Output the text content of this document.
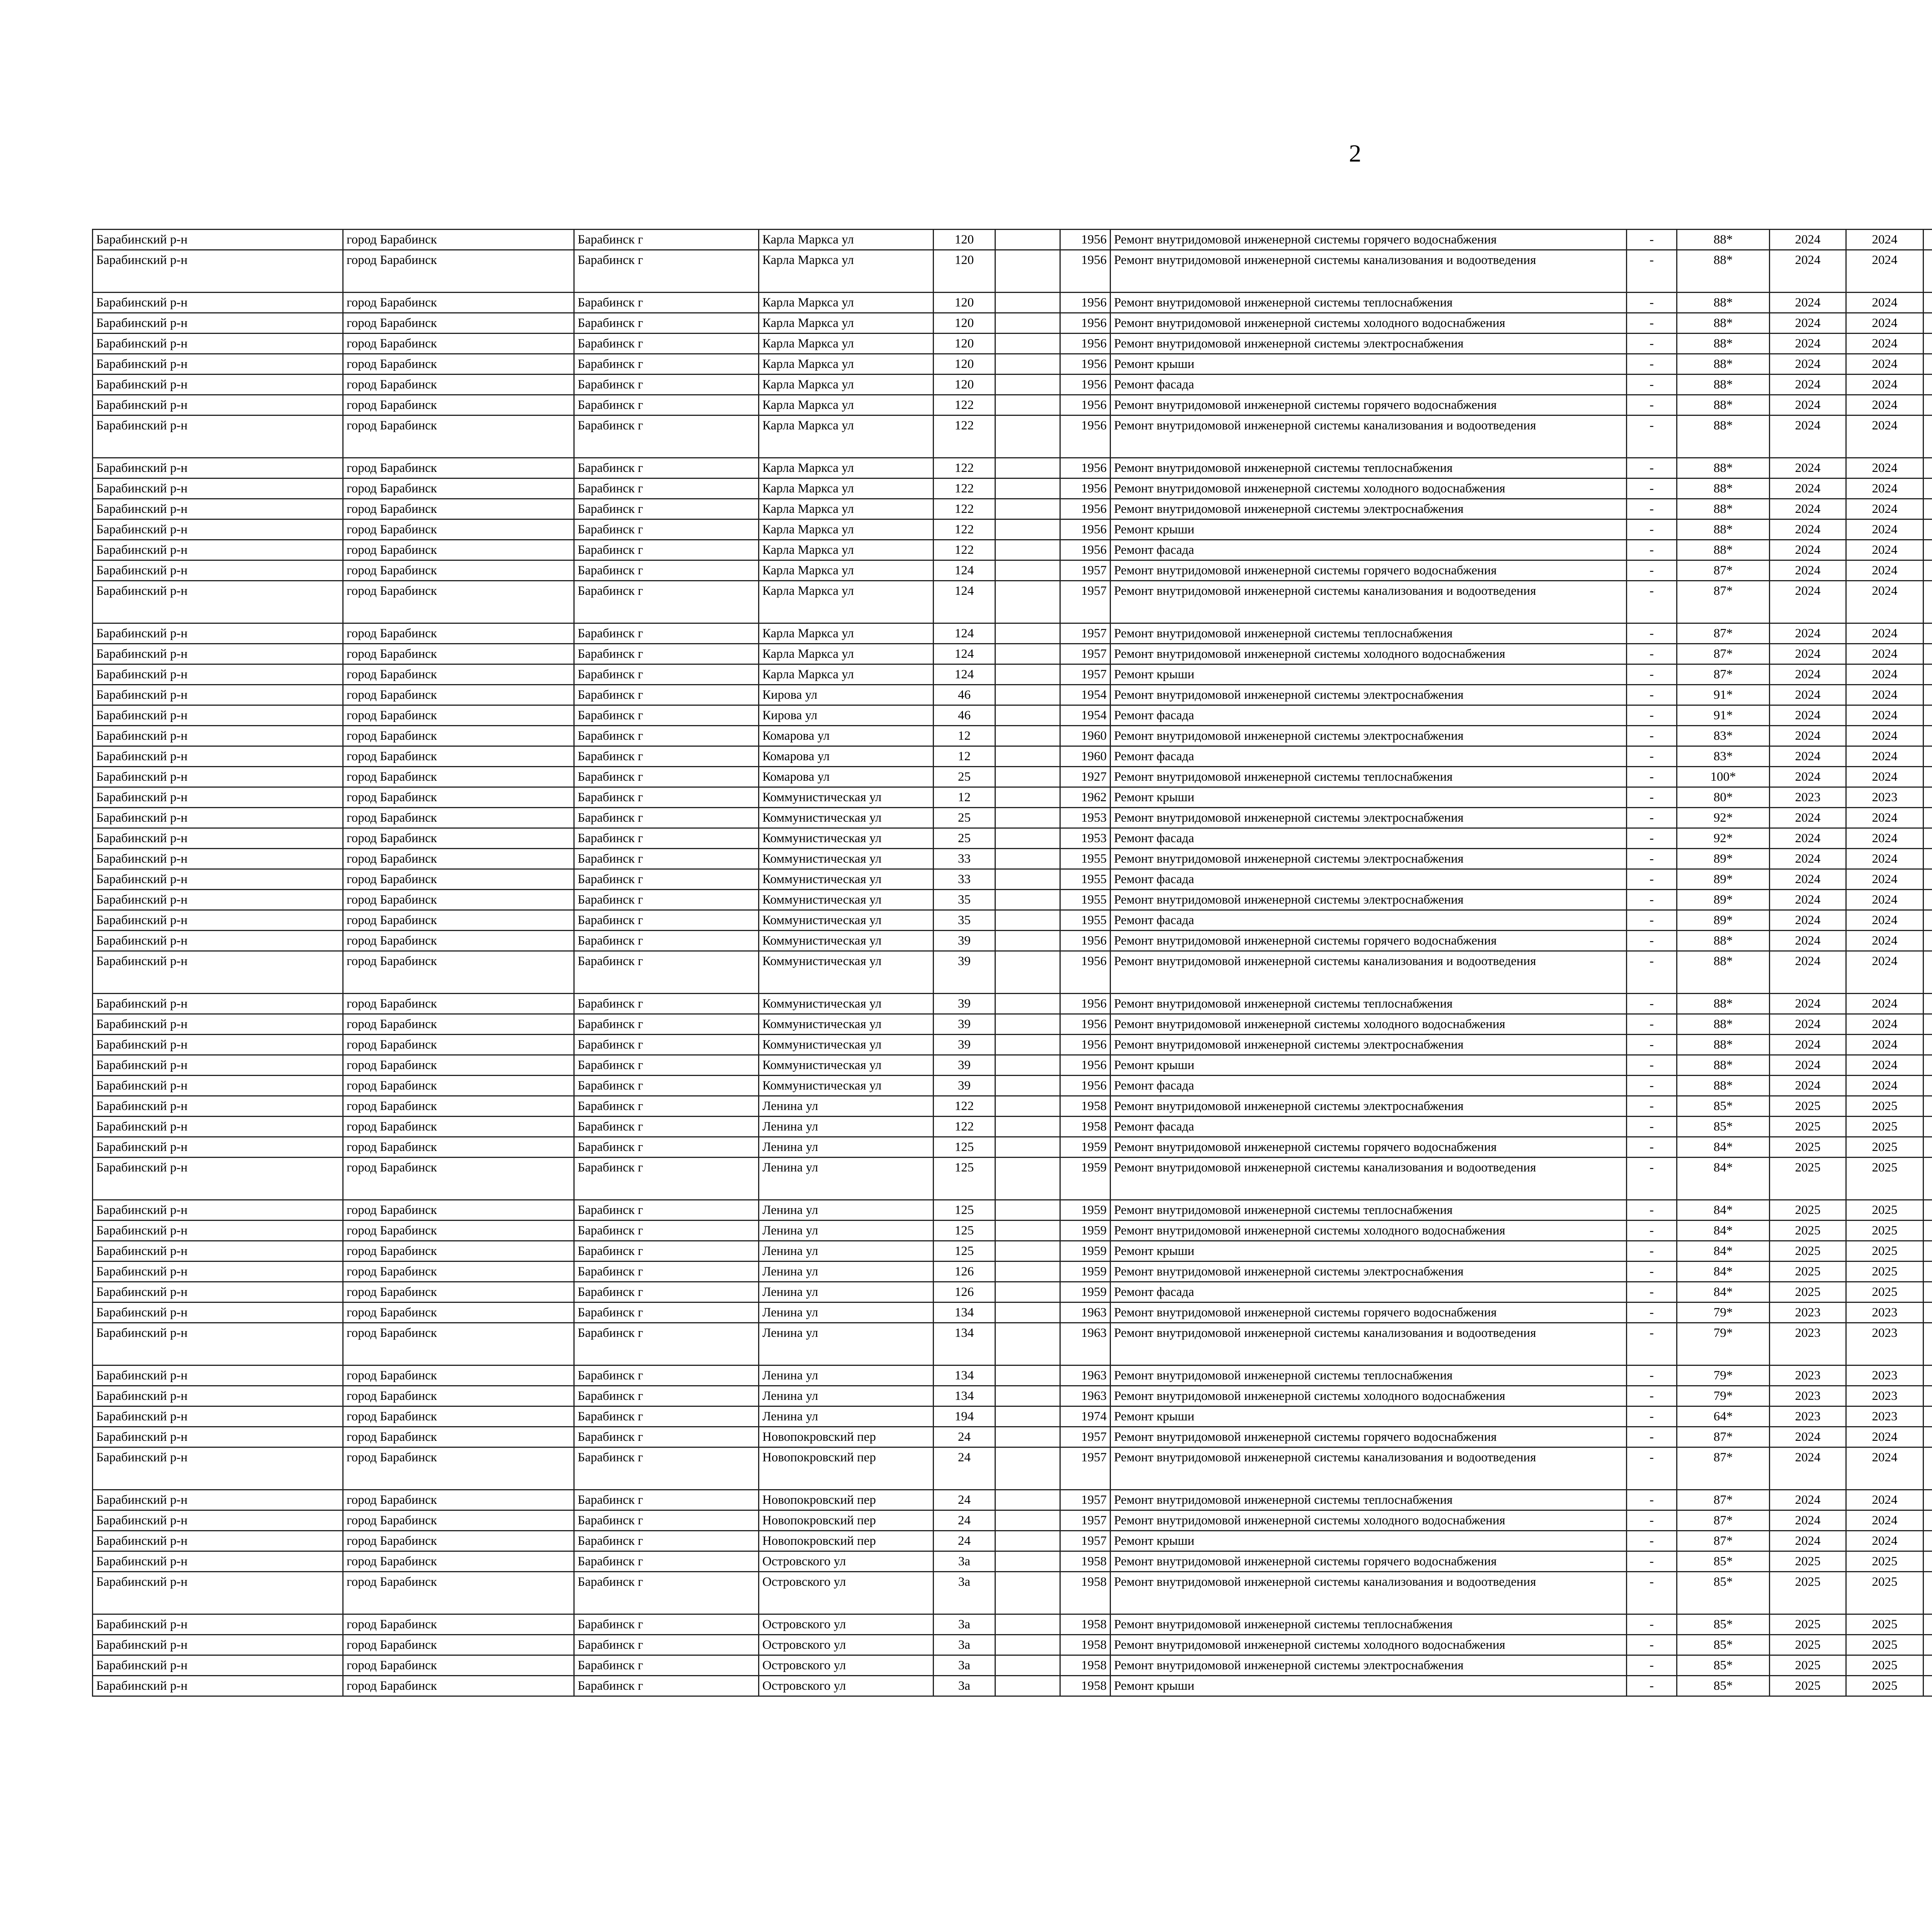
2
Барабинский р-н	город Барабинск	Барабинск г	Карла Маркса ул	120		1956	Ремонт внутридомовой инженерной системы горячего водоснабжения	-	88*	2024	2024						
Барабинский р-н	город Барабинск	Барабинск г	Карла Маркса ул	120		1956	Ремонт внутридомовой инженерной системы канализования и водоотведения	-	88*	2024	2024						
Барабинский р-н	город Барабинск	Барабинск г	Карла Маркса ул	120		1956	Ремонт внутридомовой инженерной системы теплоснабжения	-	88*	2024	2024						
Барабинский р-н	город Барабинск	Барабинск г	Карла Маркса ул	120		1956	Ремонт внутридомовой инженерной системы холодного водоснабжения	-	88*	2024	2024						
Барабинский р-н	город Барабинск	Барабинск г	Карла Маркса ул	120		1956	Ремонт внутридомовой инженерной системы электроснабжения	-	88*	2024	2024						
Барабинский р-н	город Барабинск	Барабинск г	Карла Маркса ул	120		1956	Ремонт крыши	-	88*	2024	2024						
Барабинский р-н	город Барабинск	Барабинск г	Карла Маркса ул	120		1956	Ремонт фасада	-	88*	2024	2024						
Барабинский р-н	город Барабинск	Барабинск г	Карла Маркса ул	122		1956	Ремонт внутридомовой инженерной системы горячего водоснабжения	-	88*	2024	2024						
Барабинский р-н	город Барабинск	Барабинск г	Карла Маркса ул	122		1956	Ремонт внутридомовой инженерной системы канализования и водоотведения	-	88*	2024	2024						
Барабинский р-н	город Барабинск	Барабинск г	Карла Маркса ул	122		1956	Ремонт внутридомовой инженерной системы теплоснабжения	-	88*	2024	2024						
Барабинский р-н	город Барабинск	Барабинск г	Карла Маркса ул	122		1956	Ремонт внутридомовой инженерной системы холодного водоснабжения	-	88*	2024	2024						
Барабинский р-н	город Барабинск	Барабинск г	Карла Маркса ул	122		1956	Ремонт внутридомовой инженерной системы электроснабжения	-	88*	2024	2024						
Барабинский р-н	город Барабинск	Барабинск г	Карла Маркса ул	122		1956	Ремонт крыши	-	88*	2024	2024						
Барабинский р-н	город Барабинск	Барабинск г	Карла Маркса ул	122		1956	Ремонт фасада	-	88*	2024	2024						
Барабинский р-н	город Барабинск	Барабинск г	Карла Маркса ул	124		1957	Ремонт внутридомовой инженерной системы горячего водоснабжения	-	87*	2024	2024						
Барабинский р-н	город Барабинск	Барабинск г	Карла Маркса ул	124		1957	Ремонт внутридомовой инженерной системы канализования и водоотведения	-	87*	2024	2024						
Барабинский р-н	город Барабинск	Барабинск г	Карла Маркса ул	124		1957	Ремонт внутридомовой инженерной системы теплоснабжения	-	87*	2024	2024						
Барабинский р-н	город Барабинск	Барабинск г	Карла Маркса ул	124		1957	Ремонт внутридомовой инженерной системы холодного водоснабжения	-	87*	2024	2024						
Барабинский р-н	город Барабинск	Барабинск г	Карла Маркса ул	124		1957	Ремонт крыши	-	87*	2024	2024						
Барабинский р-н	город Барабинск	Барабинск г	Кирова ул	46		1954	Ремонт внутридомовой инженерной системы электроснабжения	-	91*	2024	2024						
Барабинский р-н	город Барабинск	Барабинск г	Кирова ул	46		1954	Ремонт фасада	-	91*	2024	2024						
Барабинский р-н	город Барабинск	Барабинск г	Комарова ул	12		1960	Ремонт внутридомовой инженерной системы электроснабжения	-	83*	2024	2024						
Барабинский р-н	город Барабинск	Барабинск г	Комарова ул	12		1960	Ремонт фасада	-	83*	2024	2024						
Барабинский р-н	город Барабинск	Барабинск г	Комарова ул	25		1927	Ремонт внутридомовой инженерной системы теплоснабжения	-	100*	2024	2024						
Барабинский р-н	город Барабинск	Барабинск г	Коммунистическая ул	12		1962	Ремонт крыши	-	80*	2023	2023						
Барабинский р-н	город Барабинск	Барабинск г	Коммунистическая ул	25		1953	Ремонт внутридомовой инженерной системы электроснабжения	-	92*	2024	2024						
Барабинский р-н	город Барабинск	Барабинск г	Коммунистическая ул	25		1953	Ремонт фасада	-	92*	2024	2024						
Барабинский р-н	город Барабинск	Барабинск г	Коммунистическая ул	33		1955	Ремонт внутридомовой инженерной системы электроснабжения	-	89*	2024	2024						
Барабинский р-н	город Барабинск	Барабинск г	Коммунистическая ул	33		1955	Ремонт фасада	-	89*	2024	2024						
Барабинский р-н	город Барабинск	Барабинск г	Коммунистическая ул	35		1955	Ремонт внутридомовой инженерной системы электроснабжения	-	89*	2024	2024						
Барабинский р-н	город Барабинск	Барабинск г	Коммунистическая ул	35		1955	Ремонт фасада	-	89*	2024	2024						
Барабинский р-н	город Барабинск	Барабинск г	Коммунистическая ул	39		1956	Ремонт внутридомовой инженерной системы горячего водоснабжения	-	88*	2024	2024						
Барабинский р-н	город Барабинск	Барабинск г	Коммунистическая ул	39		1956	Ремонт внутридомовой инженерной системы канализования и водоотведения	-	88*	2024	2024						
Барабинский р-н	город Барабинск	Барабинск г	Коммунистическая ул	39		1956	Ремонт внутридомовой инженерной системы теплоснабжения	-	88*	2024	2024						
Барабинский р-н	город Барабинск	Барабинск г	Коммунистическая ул	39		1956	Ремонт внутридомовой инженерной системы холодного водоснабжения	-	88*	2024	2024						
Барабинский р-н	город Барабинск	Барабинск г	Коммунистическая ул	39		1956	Ремонт внутридомовой инженерной системы электроснабжения	-	88*	2024	2024						
Барабинский р-н	город Барабинск	Барабинск г	Коммунистическая ул	39		1956	Ремонт крыши	-	88*	2024	2024						
Барабинский р-н	город Барабинск	Барабинск г	Коммунистическая ул	39		1956	Ремонт фасада	-	88*	2024	2024						
Барабинский р-н	город Барабинск	Барабинск г	Ленина ул	122		1958	Ремонт внутридомовой инженерной системы электроснабжения	-	85*	2025	2025						
Барабинский р-н	город Барабинск	Барабинск г	Ленина ул	122		1958	Ремонт фасада	-	85*	2025	2025						
Барабинский р-н	город Барабинск	Барабинск г	Ленина ул	125		1959	Ремонт внутридомовой инженерной системы горячего водоснабжения	-	84*	2025	2025						
Барабинский р-н	город Барабинск	Барабинск г	Ленина ул	125		1959	Ремонт внутридомовой инженерной системы канализования и водоотведения	-	84*	2025	2025						
Барабинский р-н	город Барабинск	Барабинск г	Ленина ул	125		1959	Ремонт внутридомовой инженерной системы теплоснабжения	-	84*	2025	2025						
Барабинский р-н	город Барабинск	Барабинск г	Ленина ул	125		1959	Ремонт внутридомовой инженерной системы холодного водоснабжения	-	84*	2025	2025						
Барабинский р-н	город Барабинск	Барабинск г	Ленина ул	125		1959	Ремонт крыши	-	84*	2025	2025						
Барабинский р-н	город Барабинск	Барабинск г	Ленина ул	126		1959	Ремонт внутридомовой инженерной системы электроснабжения	-	84*	2025	2025						
Барабинский р-н	город Барабинск	Барабинск г	Ленина ул	126		1959	Ремонт фасада	-	84*	2025	2025						
Барабинский р-н	город Барабинск	Барабинск г	Ленина ул	134		1963	Ремонт внутридомовой инженерной системы горячего водоснабжения	-	79*	2023	2023						
Барабинский р-н	город Барабинск	Барабинск г	Ленина ул	134		1963	Ремонт внутридомовой инженерной системы канализования и водоотведения	-	79*	2023	2023						
Барабинский р-н	город Барабинск	Барабинск г	Ленина ул	134		1963	Ремонт внутридомовой инженерной системы теплоснабжения	-	79*	2023	2023						
Барабинский р-н	город Барабинск	Барабинск г	Ленина ул	134		1963	Ремонт внутридомовой инженерной системы холодного водоснабжения	-	79*	2023	2023						
Барабинский р-н	город Барабинск	Барабинск г	Ленина ул	194		1974	Ремонт крыши	-	64*	2023	2023						
Барабинский р-н	город Барабинск	Барабинск г	Новопокровский пер	24		1957	Ремонт внутридомовой инженерной системы горячего водоснабжения	-	87*	2024	2024						
Барабинский р-н	город Барабинск	Барабинск г	Новопокровский пер	24		1957	Ремонт внутридомовой инженерной системы канализования и водоотведения	-	87*	2024	2024						
Барабинский р-н	город Барабинск	Барабинск г	Новопокровский пер	24		1957	Ремонт внутридомовой инженерной системы теплоснабжения	-	87*	2024	2024						
Барабинский р-н	город Барабинск	Барабинск г	Новопокровский пер	24		1957	Ремонт внутридомовой инженерной системы холодного водоснабжения	-	87*	2024	2024						
Барабинский р-н	город Барабинск	Барабинск г	Новопокровский пер	24		1957	Ремонт крыши	-	87*	2024	2024						
Барабинский р-н	город Барабинск	Барабинск г	Островского ул	3а		1958	Ремонт внутридомовой инженерной системы горячего водоснабжения	-	85*	2025	2025						
Барабинский р-н	город Барабинск	Барабинск г	Островского ул	3а		1958	Ремонт внутридомовой инженерной системы канализования и водоотведения	-	85*	2025	2025						
Барабинский р-н	город Барабинск	Барабинск г	Островского ул	3а		1958	Ремонт внутридомовой инженерной системы теплоснабжения	-	85*	2025	2025						
Барабинский р-н	город Барабинск	Барабинск г	Островского ул	3а		1958	Ремонт внутридомовой инженерной системы холодного водоснабжения	-	85*	2025	2025						
Барабинский р-н	город Барабинск	Барабинск г	Островского ул	3а		1958	Ремонт внутридомовой инженерной системы электроснабжения	-	85*	2025	2025						
Барабинский р-н	город Барабинск	Барабинск г	Островского ул	3а		1958	Ремонт крыши	-	85*	2025	2025						
